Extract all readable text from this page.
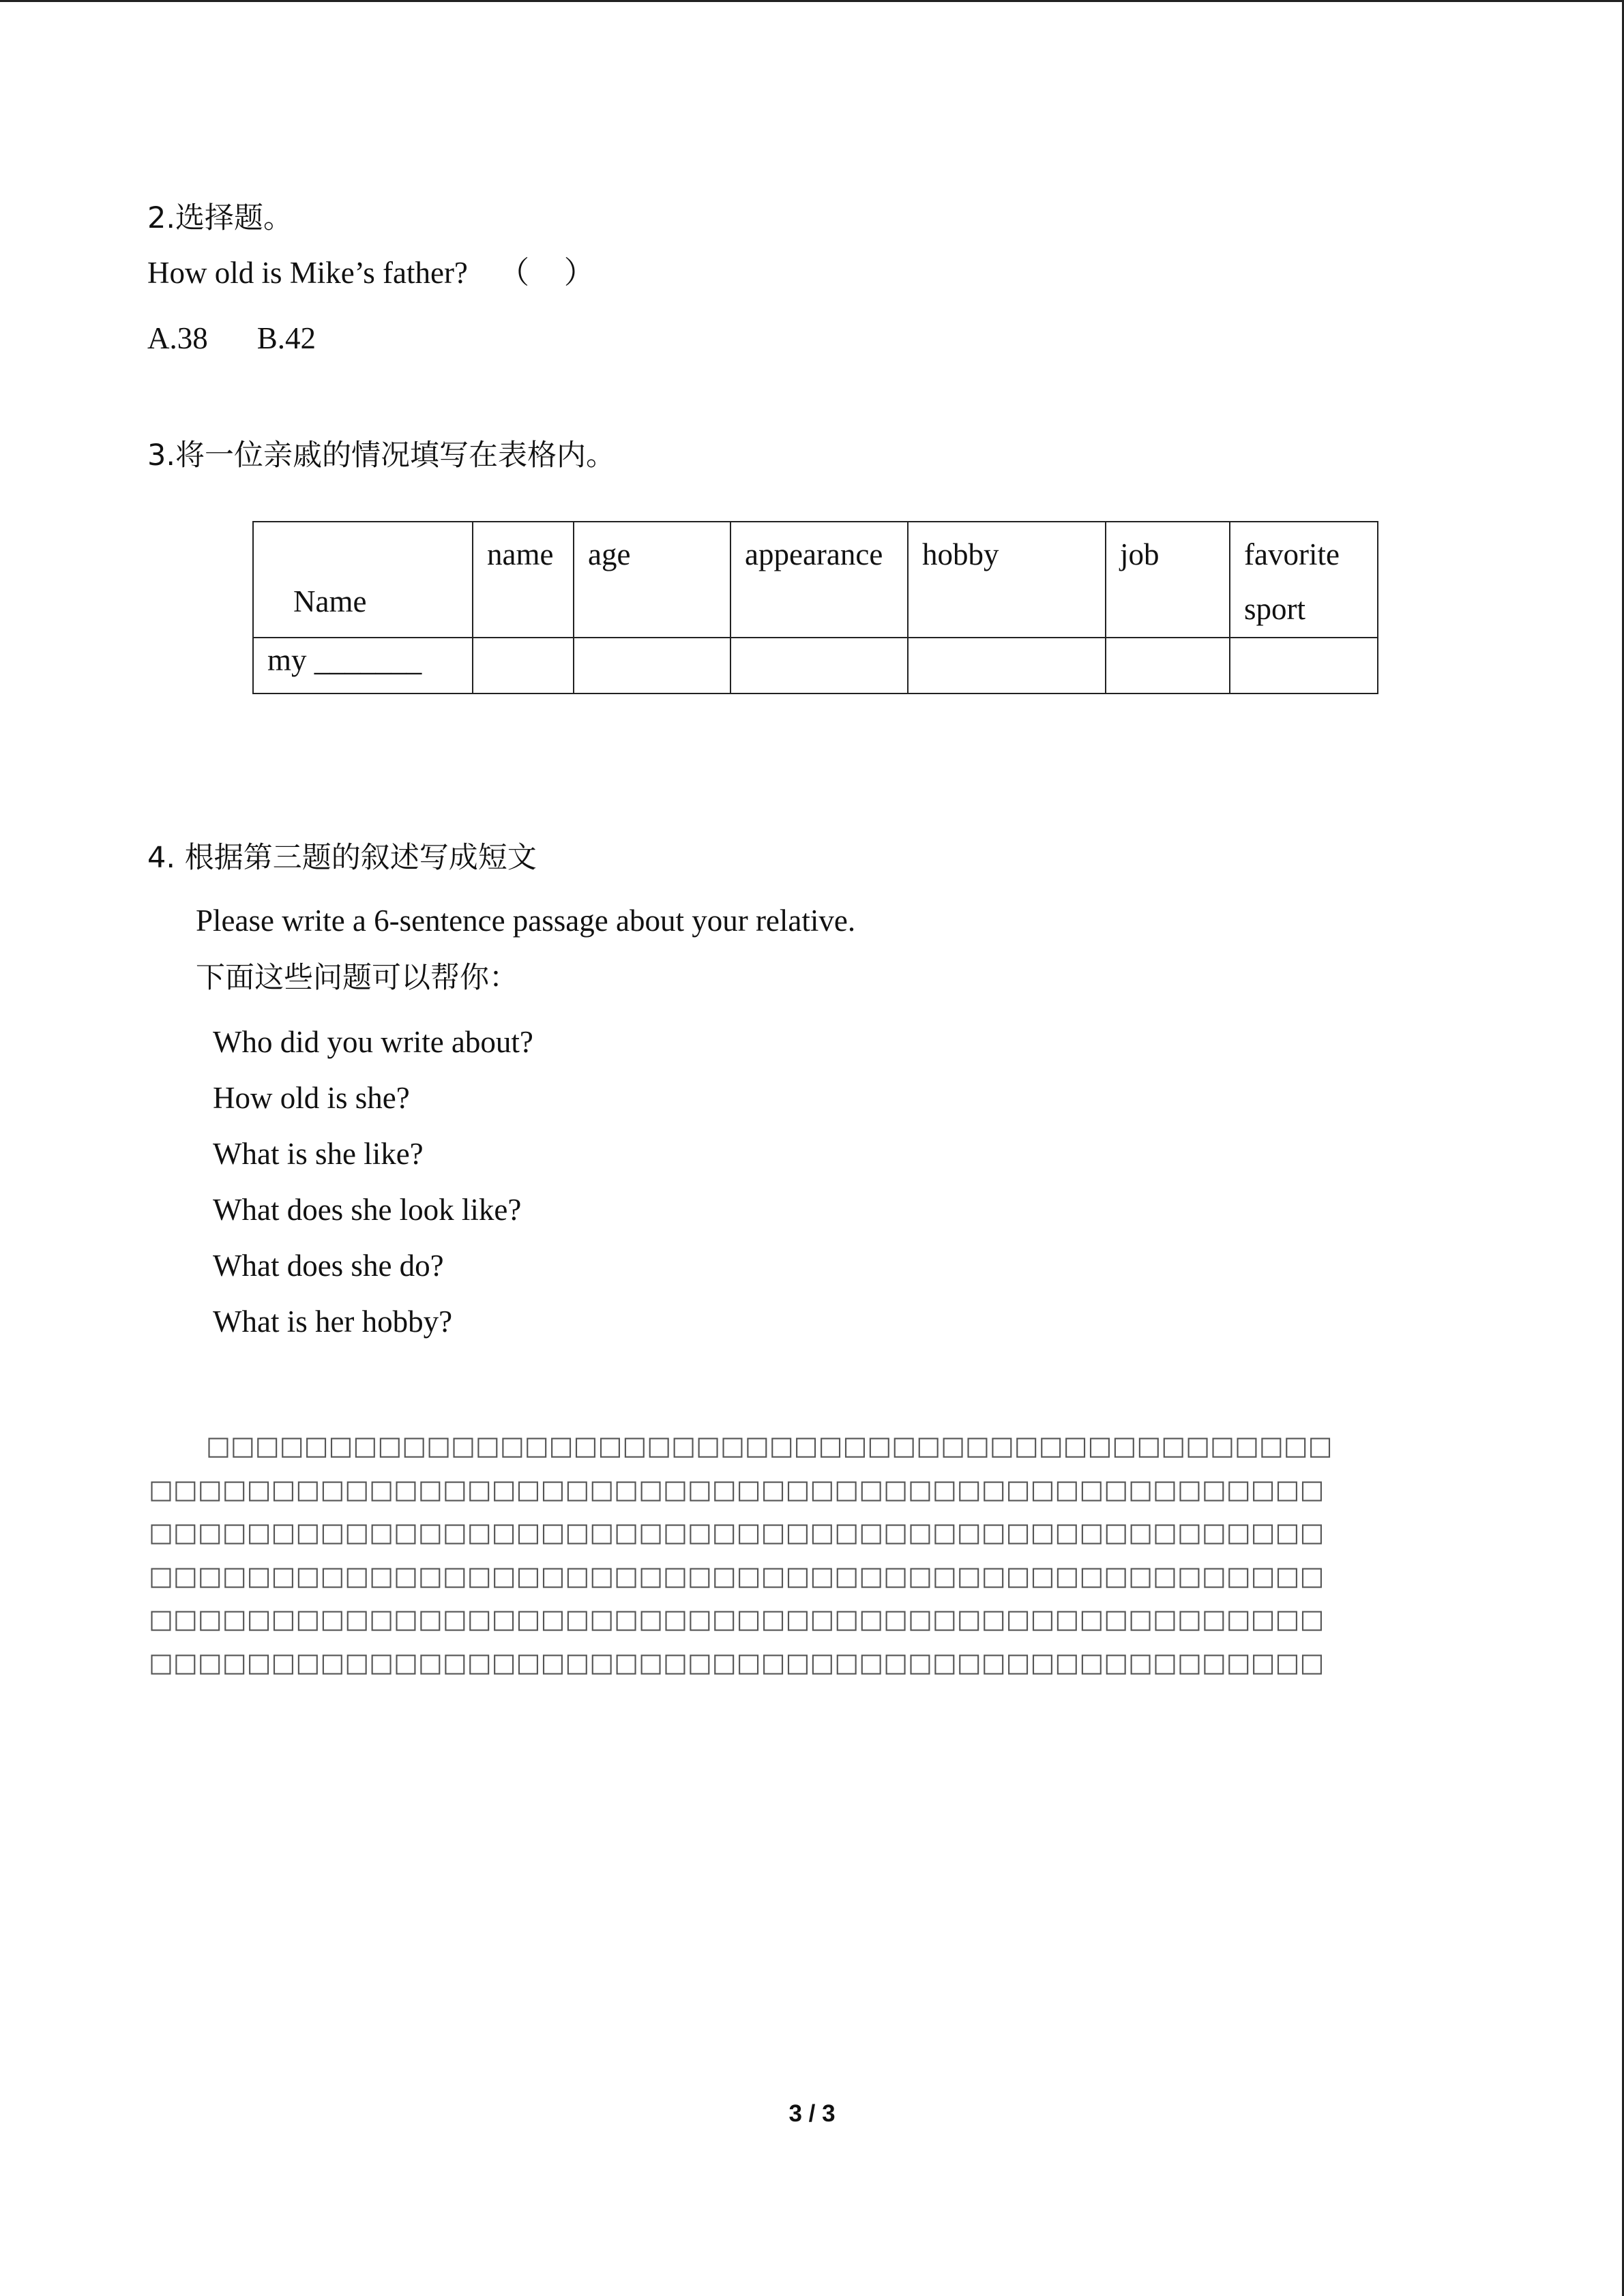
2.选择题。
How old is Mike’s father? （ ）
A.38 B.42
3.将一位亲戚的情况填写在表格内。
Name	name	age	appearance	hobby	job	favorite
sport

my _______						
4. 根据第三题的叙述写成短文
Please write a 6-sentence passage about your relative.
下面这些问题可以帮你：
Who did you write about?
How old is she?
What is she like?
What does she look like?
What does she do?
What is her hobby?
□□□□□□□□□□□□□□□□□□□□□□□□□□□□□□□□□□□□□□□□□□□□□□
□□□□□□□□□□□□□□□□□□□□□□□□□□□□□□□□□□□□□□□□□□□□□□□□
□□□□□□□□□□□□□□□□□□□□□□□□□□□□□□□□□□□□□□□□□□□□□□□□
□□□□□□□□□□□□□□□□□□□□□□□□□□□□□□□□□□□□□□□□□□□□□□□□
□□□□□□□□□□□□□□□□□□□□□□□□□□□□□□□□□□□□□□□□□□□□□□□□
□□□□□□□□□□□□□□□□□□□□□□□□□□□□□□□□□□□□□□□□□□□□□□□□
3 / 3
